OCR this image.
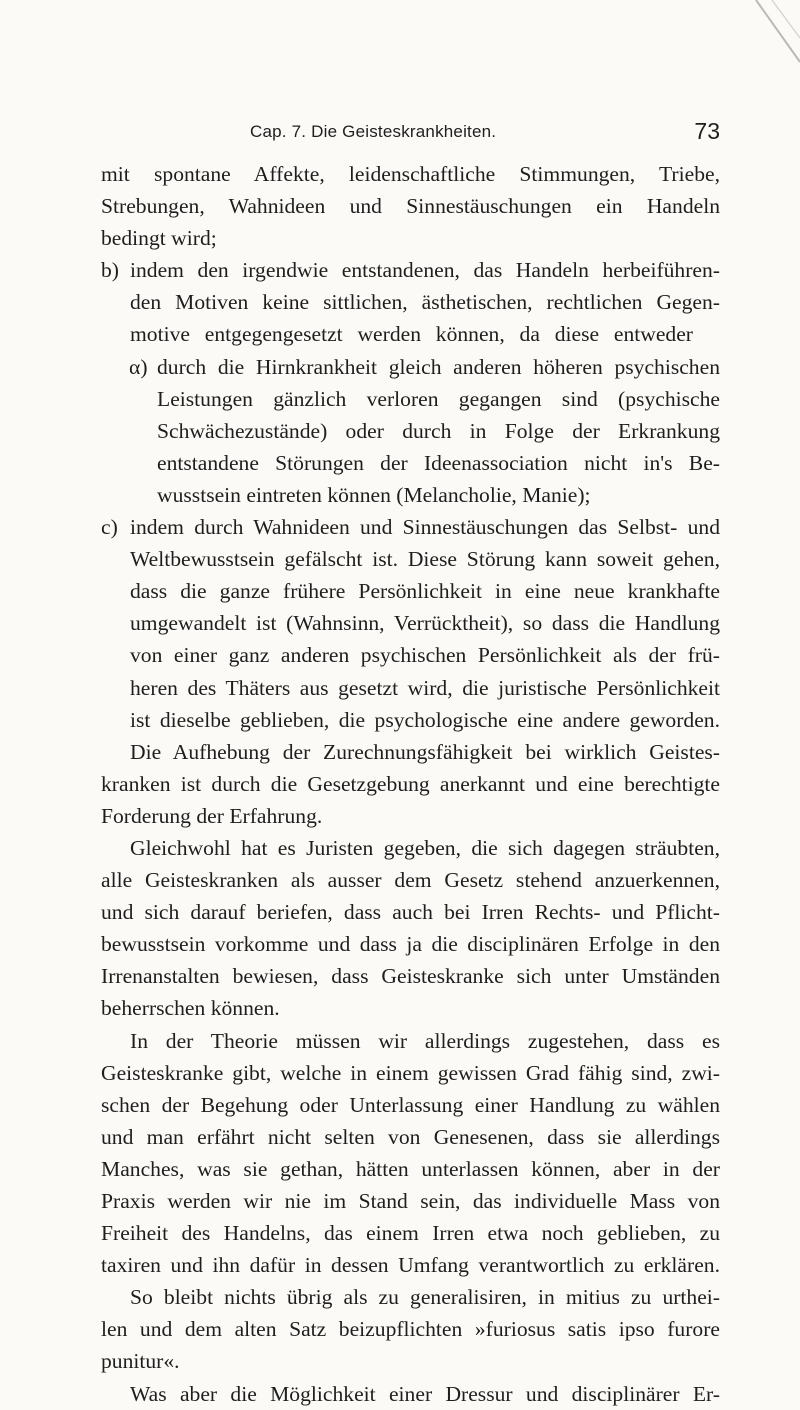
Cap. 7. Die Geisteskrankheiten.	73
mit spontane Affekte, leidenschaftliche Stimmungen, Triebe,
Strebungen, Wahnideen und Sinnestäuschungen ein Handeln
bedingt wird;
b) indem den irgendwie entstandenen, das Handeln herbeiführen-
den Motiven keine sittlichen, ästhetischen, rechtlichen Gegen-
motive entgegengesetzt werden können, da diese entweder
α) durch die Hirnkrankheit gleich anderen höheren psychischen
Leistungen gänzlich verloren gegangen sind (psychische
Schwächezustände) oder durch in Folge der Erkrankung
entstandene Störungen der Ideenassociation nicht in's Be-
wusstsein eintreten können (Melancholie, Manie);
c) indem durch Wahnideen und Sinnestäuschungen das Selbst- und
Weltbewusstsein gefälscht ist. Diese Störung kann soweit gehen,
dass die ganze frühere Persönlichkeit in eine neue krankhafte
umgewandelt ist (Wahnsinn, Verrücktheit), so dass die Handlung
von einer ganz anderen psychischen Persönlichkeit als der frü-
heren des Thäters aus gesetzt wird, die juristische Persönlichkeit
ist dieselbe geblieben, die psychologische eine andere geworden.
Die Aufhebung der Zurechnungsfähigkeit bei wirklich Geistes-
kranken ist durch die Gesetzgebung anerkannt und eine berechtigte
Forderung der Erfahrung.
Gleichwohl hat es Juristen gegeben, die sich dagegen sträubten,
alle Geisteskranken als ausser dem Gesetz stehend anzuerkennen,
und sich darauf beriefen, dass auch bei Irren Rechts- und Pflicht-
bewusstsein vorkomme und dass ja die disciplinären Erfolge in den
Irrenanstalten bewiesen, dass Geisteskranke sich unter Umständen
beherrschen können.
In der Theorie müssen wir allerdings zugestehen, dass es
Geisteskranke gibt, welche in einem gewissen Grad fähig sind, zwi-
schen der Begehung oder Unterlassung einer Handlung zu wählen
und man erfährt nicht selten von Genesenen, dass sie allerdings
Manches, was sie gethan, hätten unterlassen können, aber in der
Praxis werden wir nie im Stand sein, das individuelle Mass von
Freiheit des Handelns, das einem Irren etwa noch geblieben, zu
taxiren und ihn dafür in dessen Umfang verantwortlich zu erklären.
So bleibt nichts übrig als zu generalisiren, in mitius zu urthei-
len und dem alten Satz beizupflichten »furiosus satis ipso furore
punitur«.
Was aber die Möglichkeit einer Dressur und disciplinärer Er-
